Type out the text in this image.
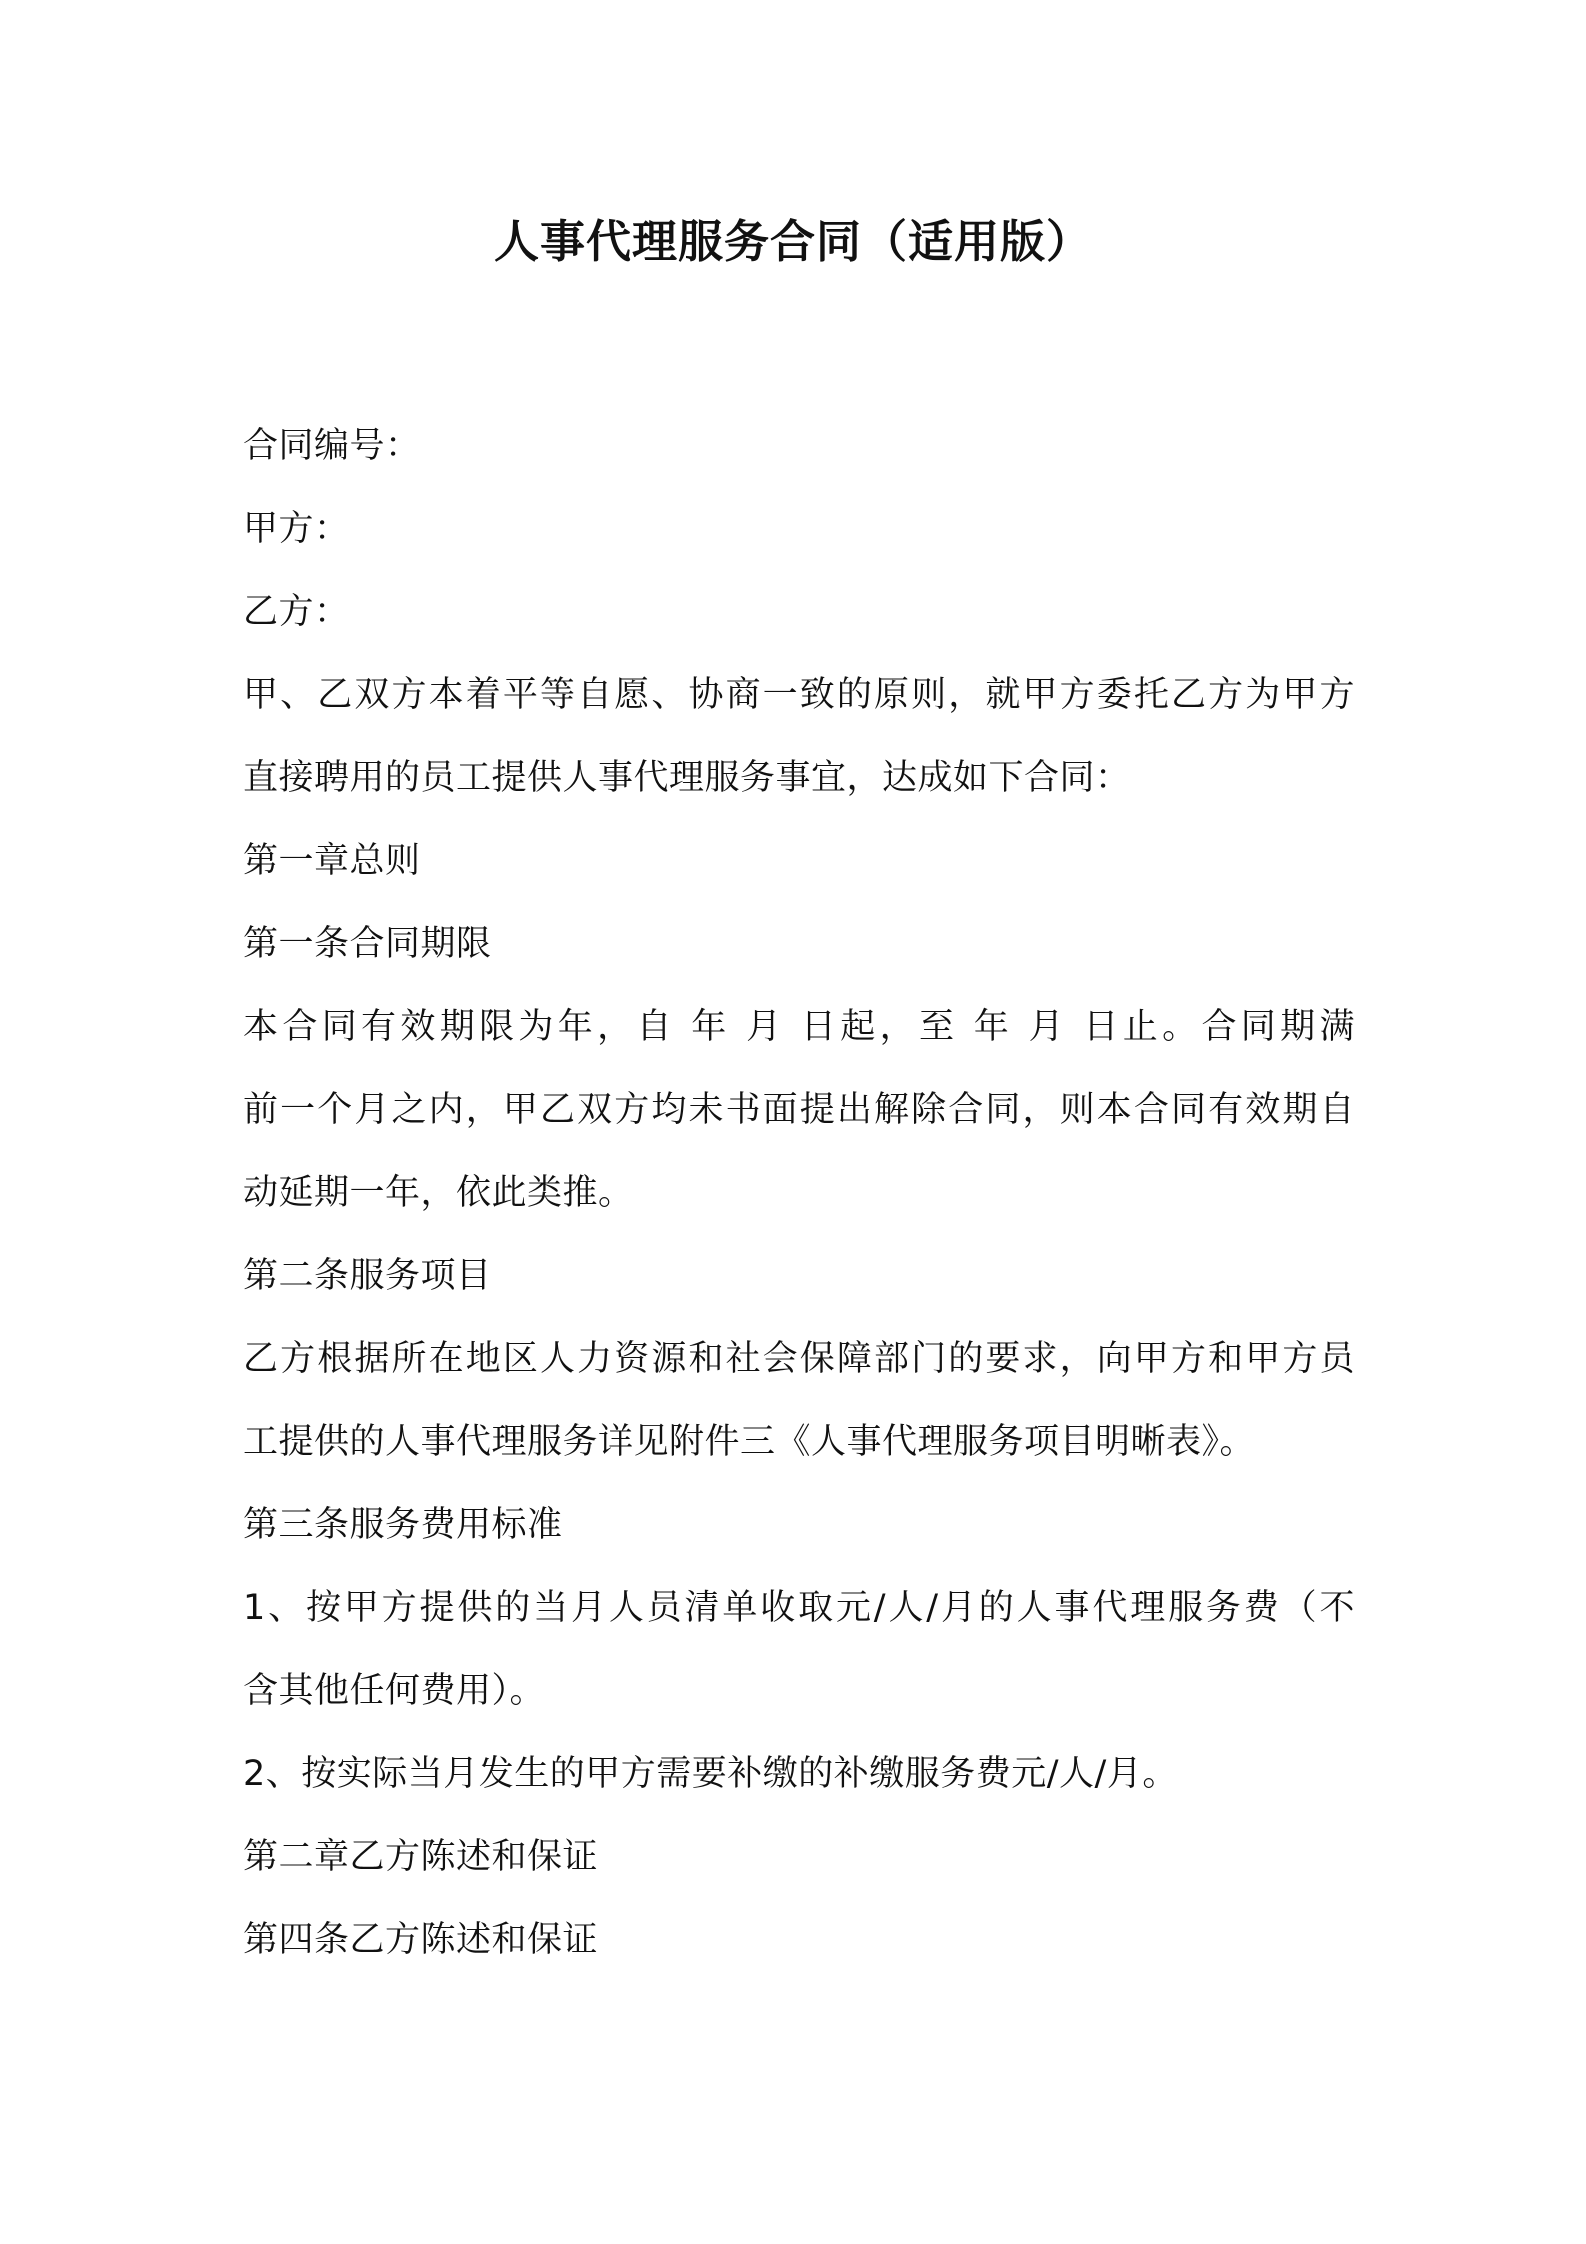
人事代理服务合同（适用版）
合同编号：
甲方：
乙方：
甲、乙双方本着平等自愿、协商一致的原则，就甲方委托乙方为甲方
直接聘用的员工提供人事代理服务事宜，达成如下合同：
第一章总则
第一条合同期限
本合同有效期限为年，自 年 月 日起，至 年 月 日止。合同期满
前一个月之内，甲乙双方均未书面提出解除合同，则本合同有效期自
动延期一年，依此类推。
第二条服务项目
乙方根据所在地区人力资源和社会保障部门的要求，向甲方和甲方员
工提供的人事代理服务详见附件三《人事代理服务项目明晰表》。
第三条服务费用标准
1、按甲方提供的当月人员清单收取元/人/月的人事代理服务费（不
含其他任何费用）。
2、按实际当月发生的甲方需要补缴的补缴服务费元/人/月。
第二章乙方陈述和保证
第四条乙方陈述和保证
